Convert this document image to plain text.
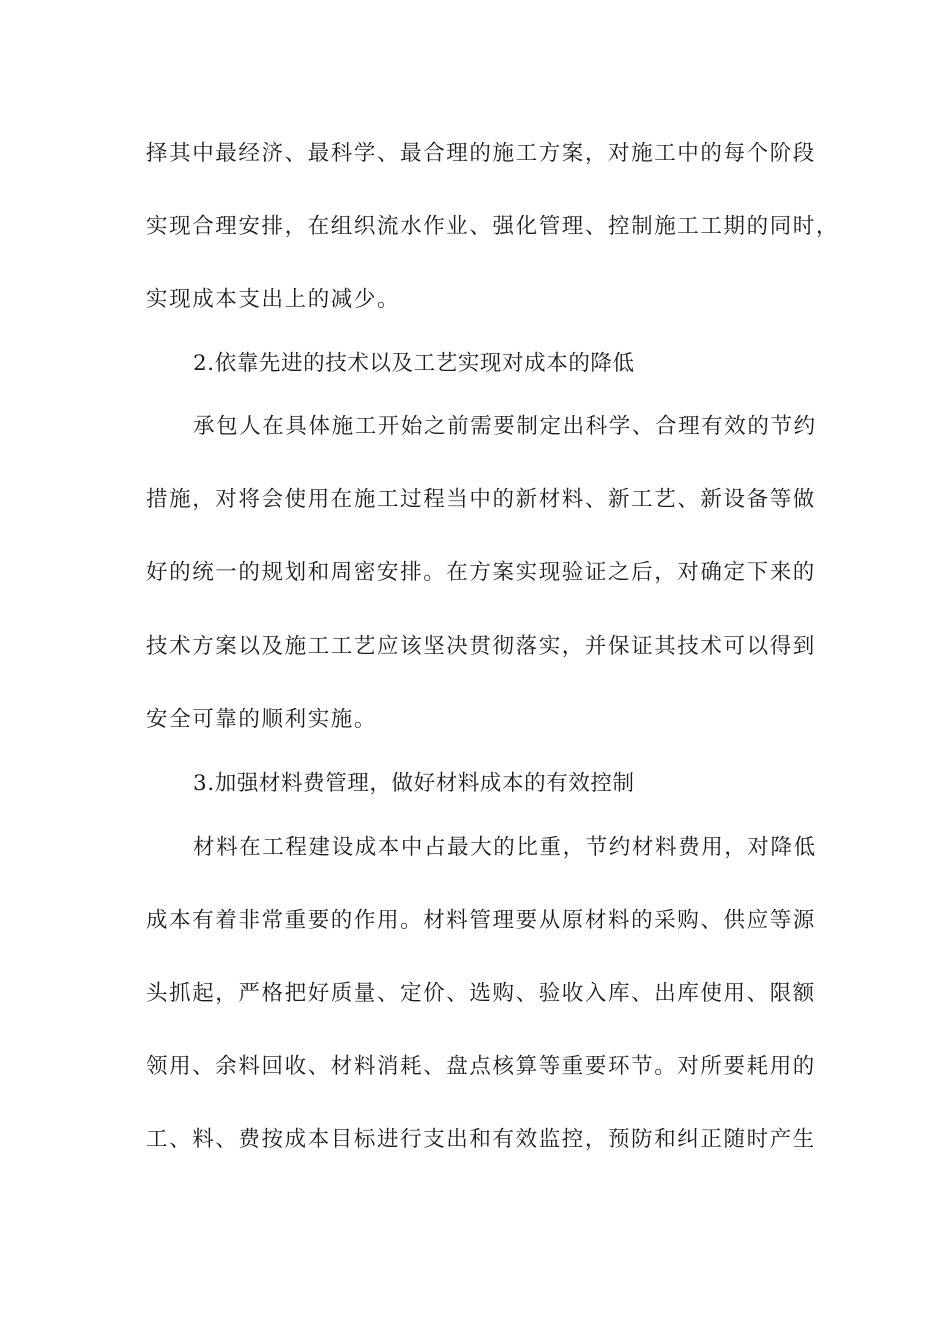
择其中最经济、最科学、最合理的施工方案，对施工中的每个阶段
实现合理安排，在组织流水作业、强化管理、控制施工工期的同时，
实现成本支出上的减少。
2.依靠先进的技术以及工艺实现对成本的降低
承包人在具体施工开始之前需要制定出科学、合理有效的节约
措施，对将会使用在施工过程当中的新材料、新工艺、新设备等做
好的统一的规划和周密安排。在方案实现验证之后，对确定下来的
技术方案以及施工工艺应该坚决贯彻落实，并保证其技术可以得到
安全可靠的顺利实施。
3.加强材料费管理，做好材料成本的有效控制
材料在工程建设成本中占最大的比重，节约材料费用，对降低
成本有着非常重要的作用。材料管理要从原材料的采购、供应等源
头抓起，严格把好质量、定价、选购、验收入库、出库使用、限额
领用、余料回收、材料消耗、盘点核算等重要环节。对所要耗用的
工、料、费按成本目标进行支出和有效监控，预防和纠正随时产生
